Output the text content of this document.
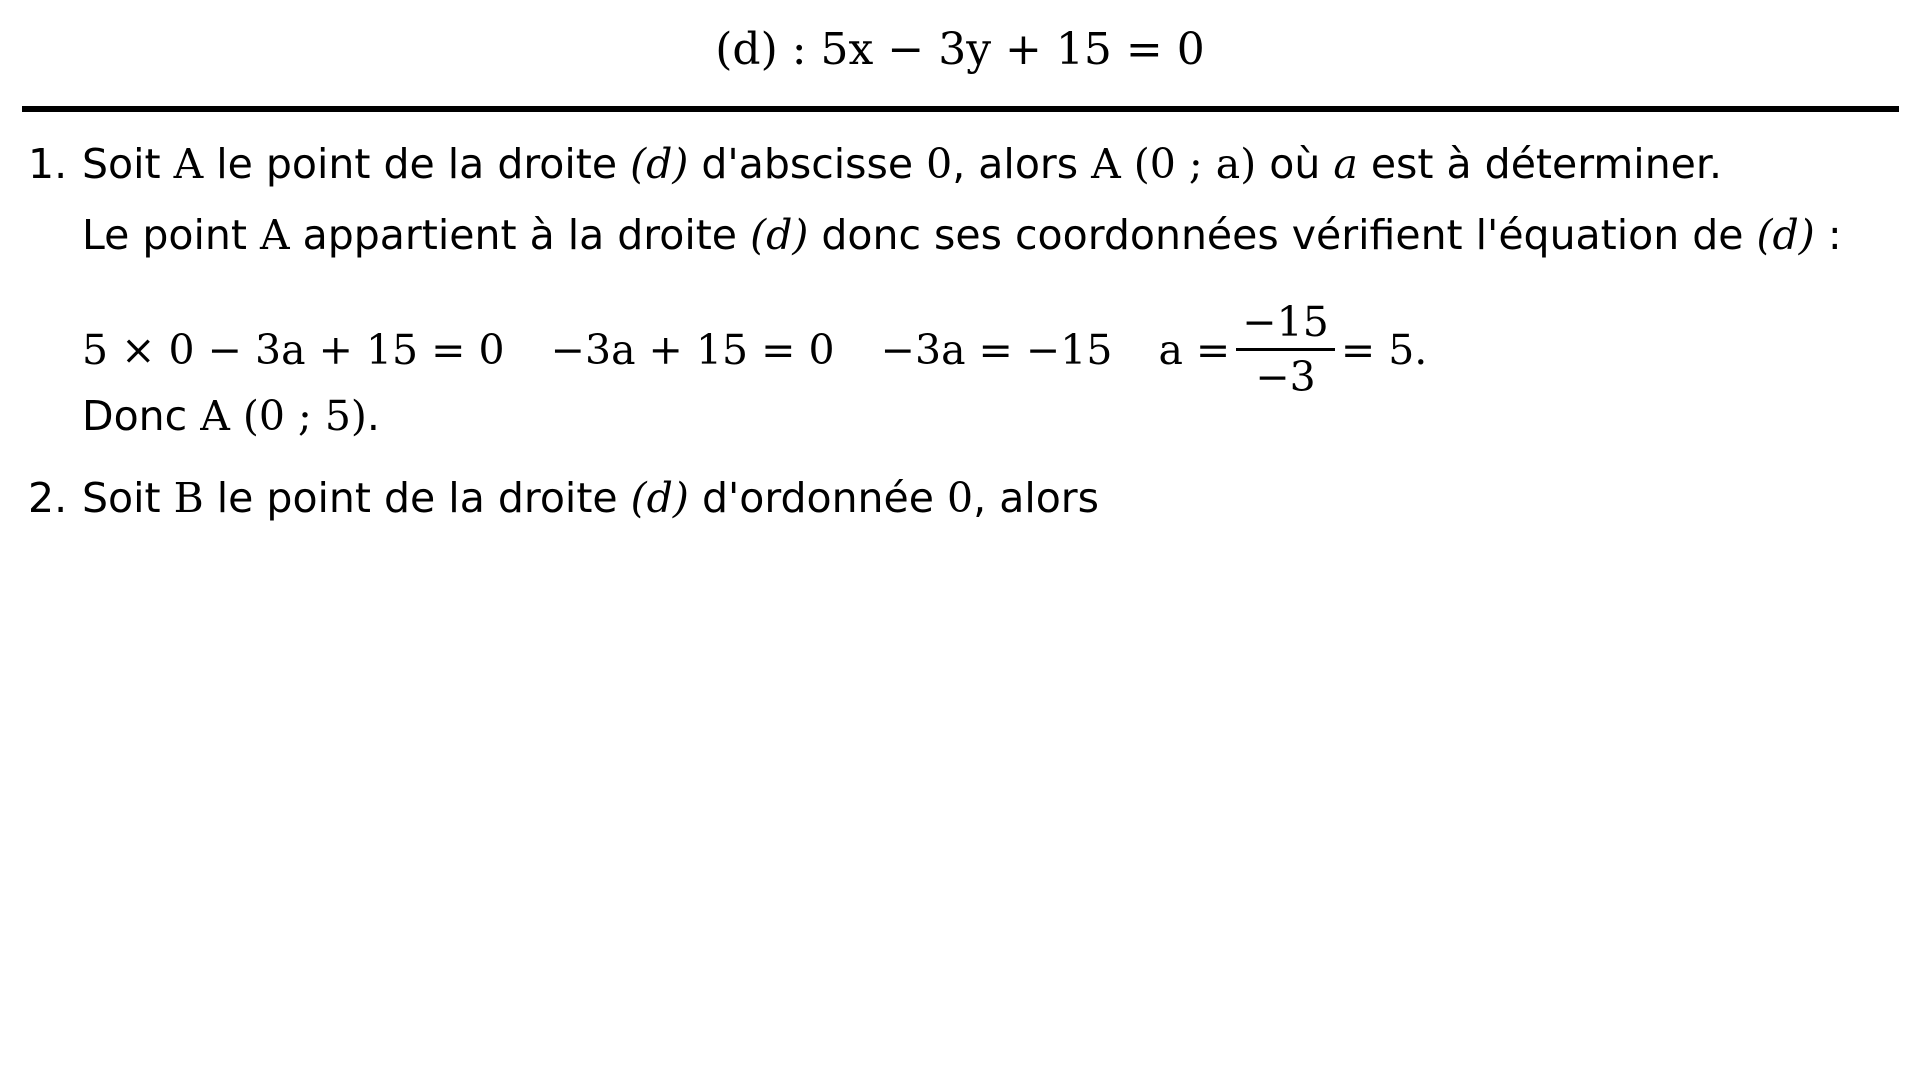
(d) : 5x − 3y + 15 = 0
1. Soit A le point de la droite (d) d'abscisse 0, alors A (0 ; a) où a est à déterminer.
Le point A appartient à la droite (d) donc ses coordonnées vérifient l'équation de (d) :
5 × 0 − 3a + 15 = 0 −3a + 15 = 0 −3a = −15 $a = \frac{-15}{-3} = 5$.
Donc A (0 ; 5).
2. Soit B le point de la droite (d) d'ordonnée 0, alors
